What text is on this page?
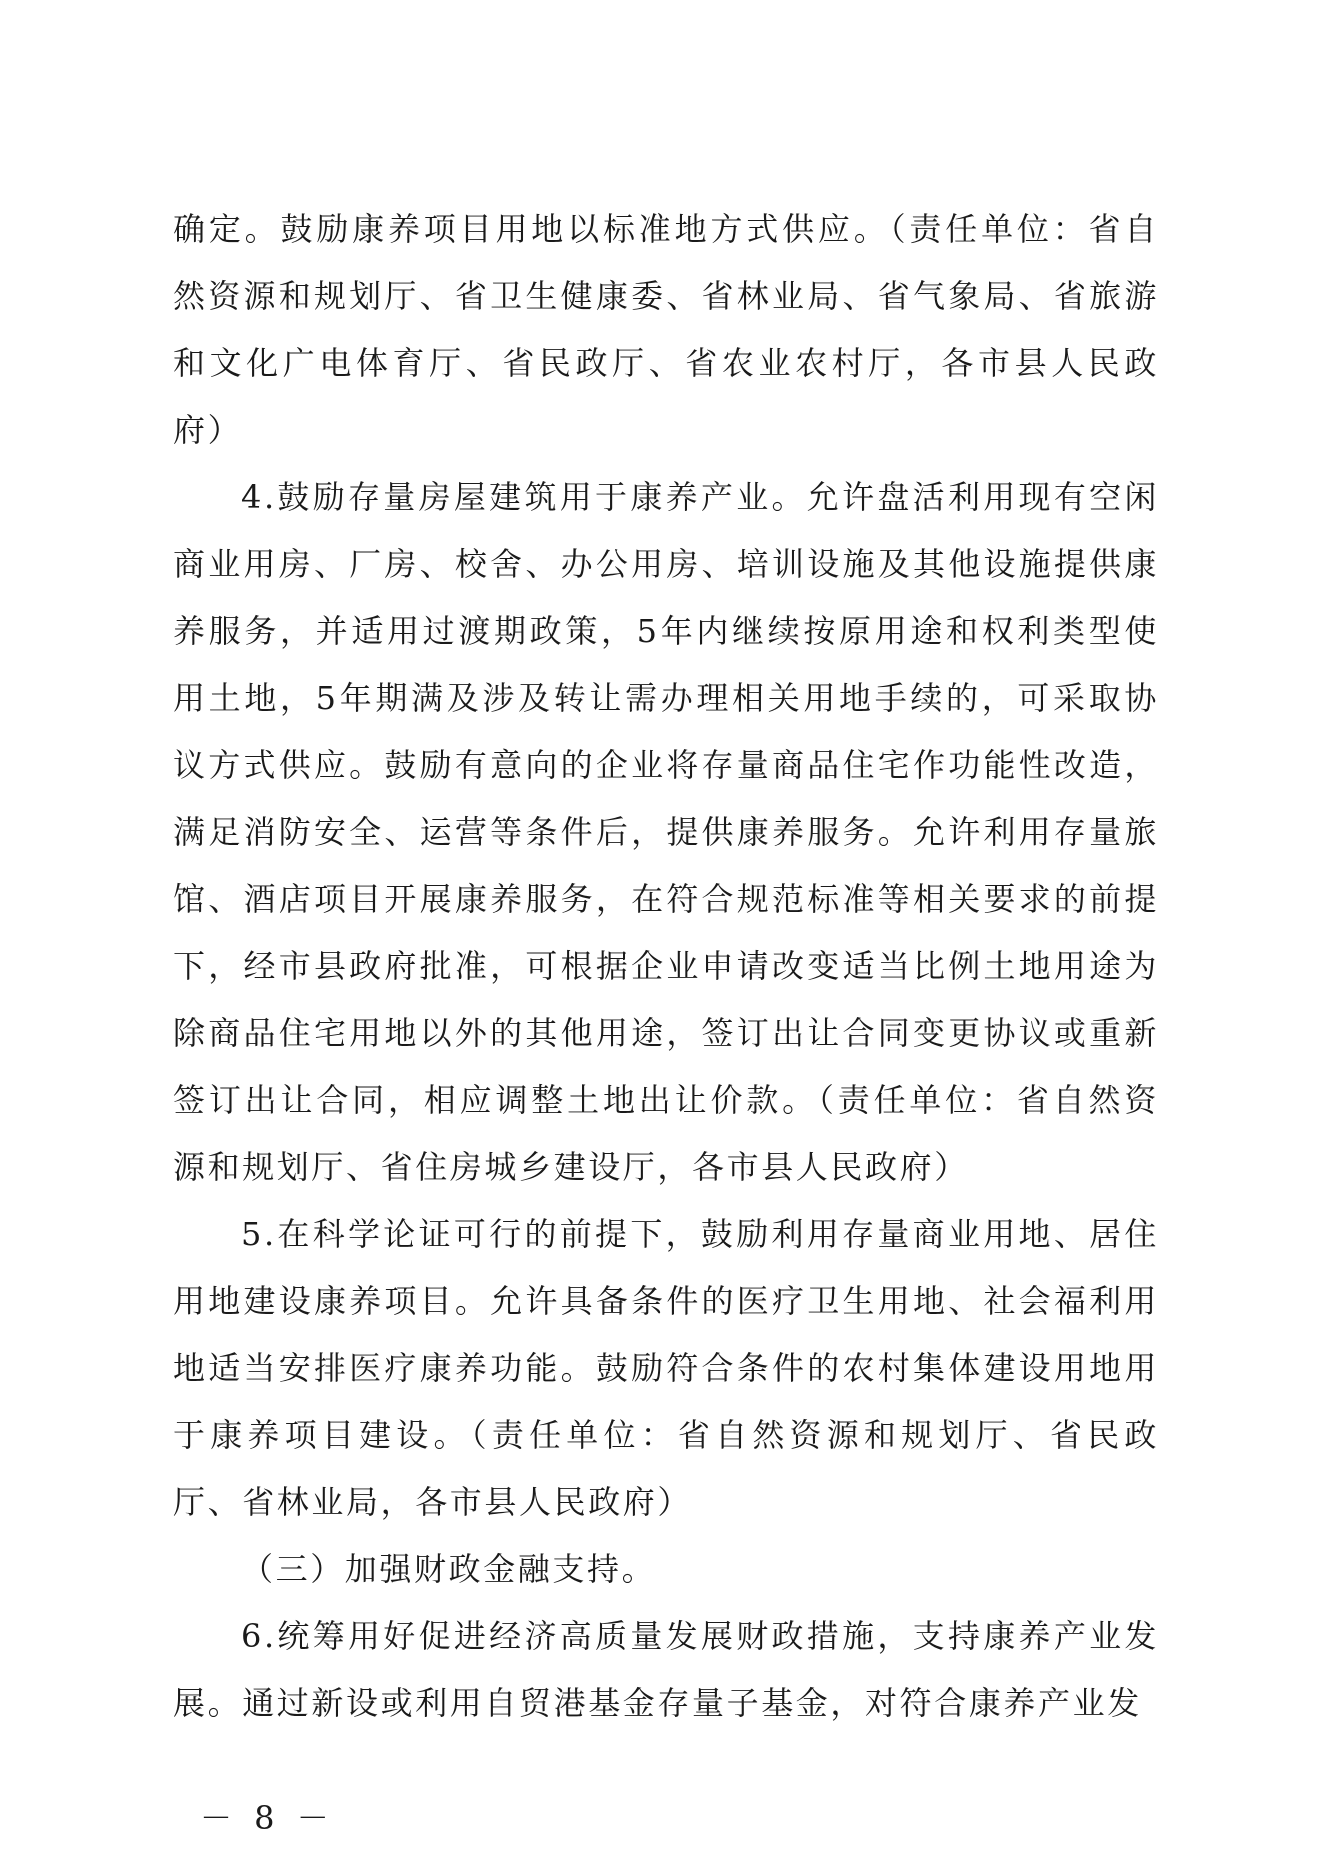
确定。鼓励康养项目用地以标准地方式供应。（责任单位：省自然资源和规划厅、省卫生健康委、省林业局、省气象局、省旅游和文化广电体育厅、省民政厅、省农业农村厅，各市县人民政府）

4.鼓励存量房屋建筑用于康养产业。允许盘活利用现有空闲商业用房、厂房、校舍、办公用房、培训设施及其他设施提供康养服务，并适用过渡期政策，5年内继续按原用途和权利类型使用土地，5年期满及涉及转让需办理相关用地手续的，可采取协议方式供应。鼓励有意向的企业将存量商品住宅作功能性改造，满足消防安全、运营等条件后，提供康养服务。允许利用存量旅馆、酒店项目开展康养服务，在符合规范标准等相关要求的前提下，经市县政府批准，可根据企业申请改变适当比例土地用途为除商品住宅用地以外的其他用途，签订出让合同变更协议或重新签订出让合同，相应调整土地出让价款。（责任单位：省自然资源和规划厅、省住房城乡建设厅，各市县人民政府）

5.在科学论证可行的前提下，鼓励利用存量商业用地、居住用地建设康养项目。允许具备条件的医疗卫生用地、社会福利用地适当安排医疗康养功能。鼓励符合条件的农村集体建设用地用于康养项目建设。（责任单位：省自然资源和规划厅、省民政厅、省林业局，各市县人民政府）

（三）加强财政金融支持。

6.统筹用好促进经济高质量发展财政措施，支持康养产业发展。通过新设或利用自贸港基金存量子基金，对符合康养产业发

－ 8 －
